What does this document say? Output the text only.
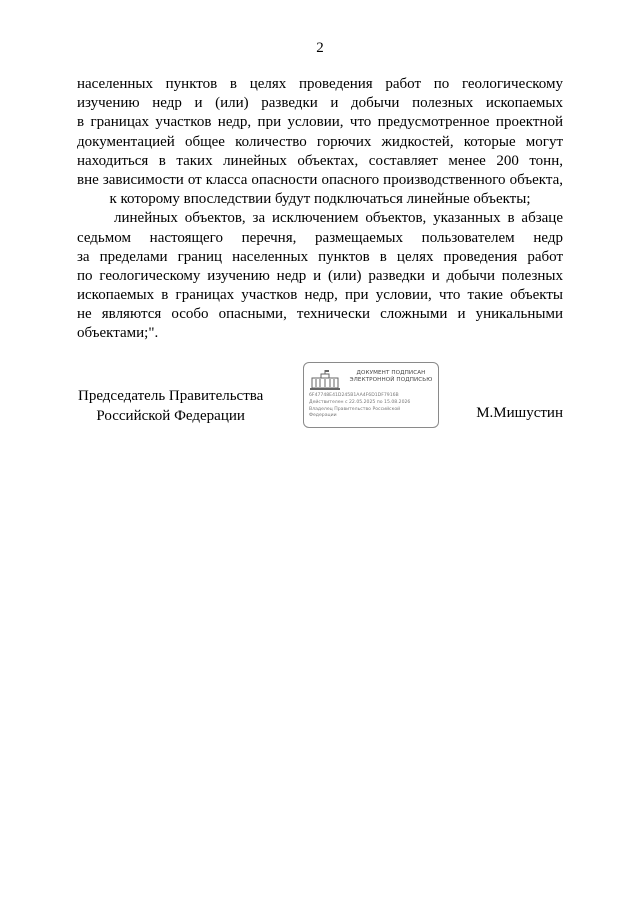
2
населенных пунктов в целях проведения работ по геологическому
изучению недр и (или) разведки и добычи полезных ископаемых
в границах участков недр, при условии, что предусмотренное проектной
документацией общее количество горючих жидкостей, которые могут
находиться в таких линейных объектах, составляет менее 200 тонн,
вне зависимости от класса опасности опасного производственного объекта,
к которому впоследствии будут подключаться линейные объекты;
линейных объектов, за исключением объектов, указанных в абзаце
седьмом настоящего перечня, размещаемых пользователем недр
за пределами границ населенных пунктов в целях проведения работ
по геологическому изучению недр и (или) разведки и добычи полезных
ископаемых в границах участков недр, при условии, что такие объекты
не являются особо опасными, технически сложными и уникальными
объектами;".
Председатель Правительства
Российской Федерации
ДОКУМЕНТ ПОДПИСАН
ЭЛЕКТРОННОЙ ПОДПИСЬЮ
6F47748E41D245B1AA4F6D1DF7916B
Действителен с 22.05.2025 по 15.08.2026
Владелец Правительство Российской
Федерации	М.Мишустин
